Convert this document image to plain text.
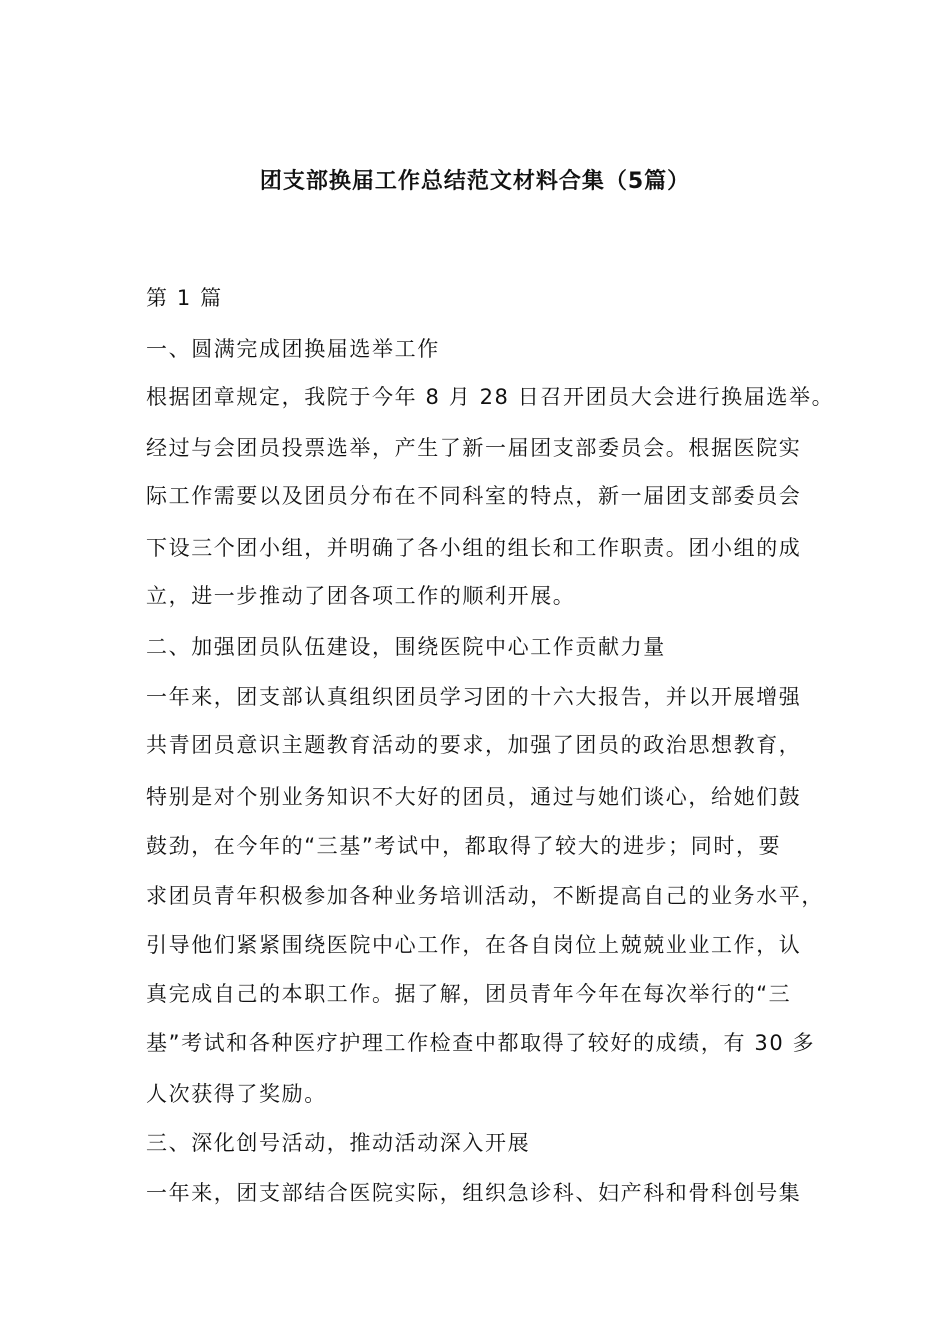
团支部换届工作总结范文材料合集（5篇）
第 1 篇
一、圆满完成团换届选举工作
根据团章规定，我院于今年 8 月 28 日召开团员大会进行换届选举。
经过与会团员投票选举，产生了新一届团支部委员会。根据医院实
际工作需要以及团员分布在不同科室的特点，新一届团支部委员会
下设三个团小组，并明确了各小组的组长和工作职责。团小组的成
立，进一步推动了团各项工作的顺利开展。
二、加强团员队伍建设，围绕医院中心工作贡献力量
一年来，团支部认真组织团员学习团的十六大报告，并以开展增强
共青团员意识主题教育活动的要求，加强了团员的政治思想教育，
特别是对个别业务知识不大好的团员，通过与她们谈心，给她们鼓
鼓劲，在今年的“三基”考试中，都取得了较大的进步；同时，要
求团员青年积极参加各种业务培训活动，不断提高自己的业务水平，
引导他们紧紧围绕医院中心工作，在各自岗位上兢兢业业工作，认
真完成自己的本职工作。据了解，团员青年今年在每次举行的“三
基”考试和各种医疗护理工作检查中都取得了较好的成绩，有 30 多
人次获得了奖励。
三、深化创号活动，推动活动深入开展
一年来，团支部结合医院实际，组织急诊科、妇产科和骨科创号集
